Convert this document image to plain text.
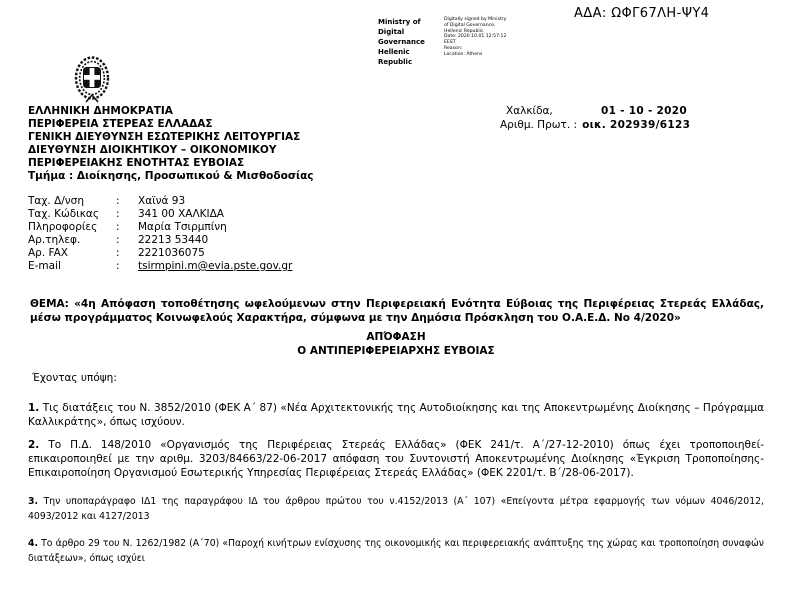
ΑΔΑ: ΩΦΓ67ΛΗ-ΨΥ4
Ministry of Digital
Governance
Hellenic Republic
Digitally signed by Ministry
of Digital Governance,
Hellenic Republic
Date: 2020.10.01 12:57:12
EEST
Reason:
Location: Athens
ΕΛΛΗΝΙΚΗ ΔΗΜΟΚΡΑΤΙΑ
ΠΕΡΙΦΕΡΕΙΑ ΣΤΕΡΕΑΣ ΕΛΛΑΔΑΣ
ΓΕΝΙΚΗ ΔΙΕΥΘΥΝΣΗ ΕΣΩΤΕΡΙΚΗΣ ΛΕΙΤΟΥΡΓΙΑΣ
ΔΙΕΥΘΥΝΣΗ ΔΙΟΙΚΗΤΙΚΟΥ – ΟΙΚΟΝΟΜΙΚΟΥ
ΠΕΡΙΦΕΡΕΙΑΚΗΣ ΕΝΟΤΗΤΑΣ ΕΥΒΟΙΑΣ
Τμήμα : Διοίκησης, Προσωπικού & Μισθοδοσίας
Χαλκίδα,	01 - 10 - 2020
Αριθμ. Πρωτ. : οικ. 202939/6123
Ταχ. Δ/νση	:	Χαϊνά 93
Ταχ. Κώδικας	:	341 00 ΧΑΛΚΙΔΑ
Πληροφορίες	:	Μαρία Τσιρμπίνη
Αρ.τηλεφ.	:	22213 53440
Αρ. FAX	:	2221036075
E-mail	:	tsirmpini.m@evia.pste.gov.gr
ΘΕΜΑ: «4η Απόφαση τοποθέτησης ωφελούμενων στην Περιφερειακή Ενότητα Εύβοιας της Περιφέρειας Στερεάς Ελλάδας, μέσω προγράμματος Κοινωφελούς Χαρακτήρα, σύμφωνα με την Δημόσια Πρόσκληση του Ο.Α.Ε.Δ. Νο 4/2020»
ΑΠΌΦΑΣΗ
Ο ΑΝΤΙΠΕΡΙΦΕΡΕΙΑΡΧΗΣ ΕΥΒΟΙΑΣ
Έχοντας υπόψη:

1. Τις διατάξεις του Ν. 3852/2010 (ΦΕΚ Α΄ 87) «Νέα Αρχιτεκτονικής της Αυτοδιοίκησης και της Αποκεντρωμένης Διοίκησης – Πρόγραμμα Καλλικράτης», όπως ισχύουν.

2. Το Π.Δ. 148/2010 «Οργανισμός της Περιφέρειας Στερεάς Ελλάδας» (ΦΕΚ 241/τ. Α΄/27-12-2010) όπως έχει τροποποιηθεί- επικαιροποιηθεί με την αριθμ. 3203/84663/22-06-2017 απόφαση του Συντονιστή Αποκεντρωμένης Διοίκησης «Έγκριση Τροποποίησης- Επικαιροποίηση Οργανισμού Εσωτερικής Υπηρεσίας Περιφέρειας Στερεάς Ελλάδας» (ΦΕΚ 2201/τ. Β΄/28-06-2017).

3. Την υποπαράγραφο ΙΔ1 της παραγράφου ΙΔ του άρθρου πρώτου του ν.4152/2013 (Α΄ 107) «Επείγοντα μέτρα εφαρμογής των νόμων 4046/2012, 4093/2012 και 4127/2013

4. Το άρθρο 29 του Ν. 1262/1982 (Α΄70) «Παροχή κινήτρων ενίσχυσης της οικονομικής και περιφερειακής ανάπτυξης της χώρας και τροποποίηση συναφών διατάξεων», όπως ισχύει
